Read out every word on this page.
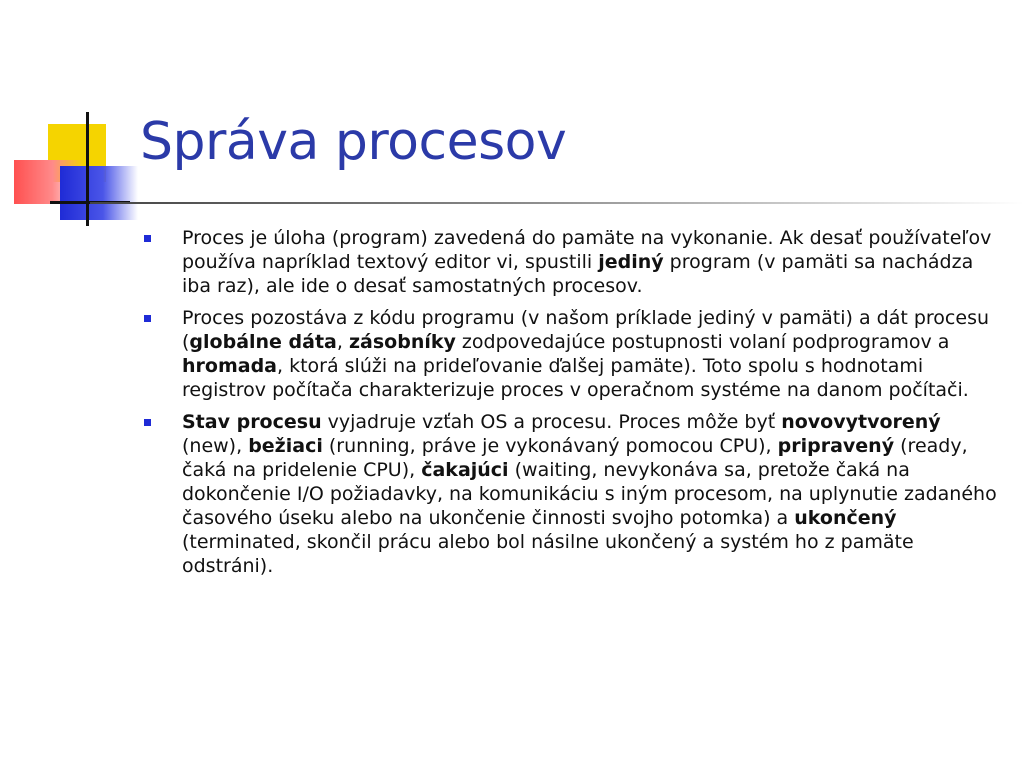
Správa procesov
Proces je úloha (program) zavedená do pamäte na vykonanie. Ak desať používateľov používa napríklad textový editor vi, spustili jediný program (v pamäti sa nachádza iba raz), ale ide o desať samostatných procesov.
Proces pozostáva z kódu programu (v našom príklade jediný v pamäti) a dát procesu (globálne dáta, zásobníky zodpovedajúce postupnosti volaní podprogramov a hromada, ktorá slúži na prideľovanie ďalšej pamäte). Toto spolu s hodnotami registrov počítača charakterizuje proces v operačnom systéme na danom počítači.
Stav procesu vyjadruje vzťah OS a procesu. Proces môže byť novovytvorený (new), bežiaci (running, práve je vykonávaný pomocou CPU), pripravený (ready, čaká na pridelenie CPU), čakajúci (waiting, nevykonáva sa, pretože čaká na dokončenie I/O požiadavky, na komunikáciu s iným procesom, na uplynutie zadaného časového úseku alebo na ukončenie činnosti svojho potomka) a ukončený (terminated, skončil prácu alebo bol násilne ukončený a systém ho z pamäte odstráni).
